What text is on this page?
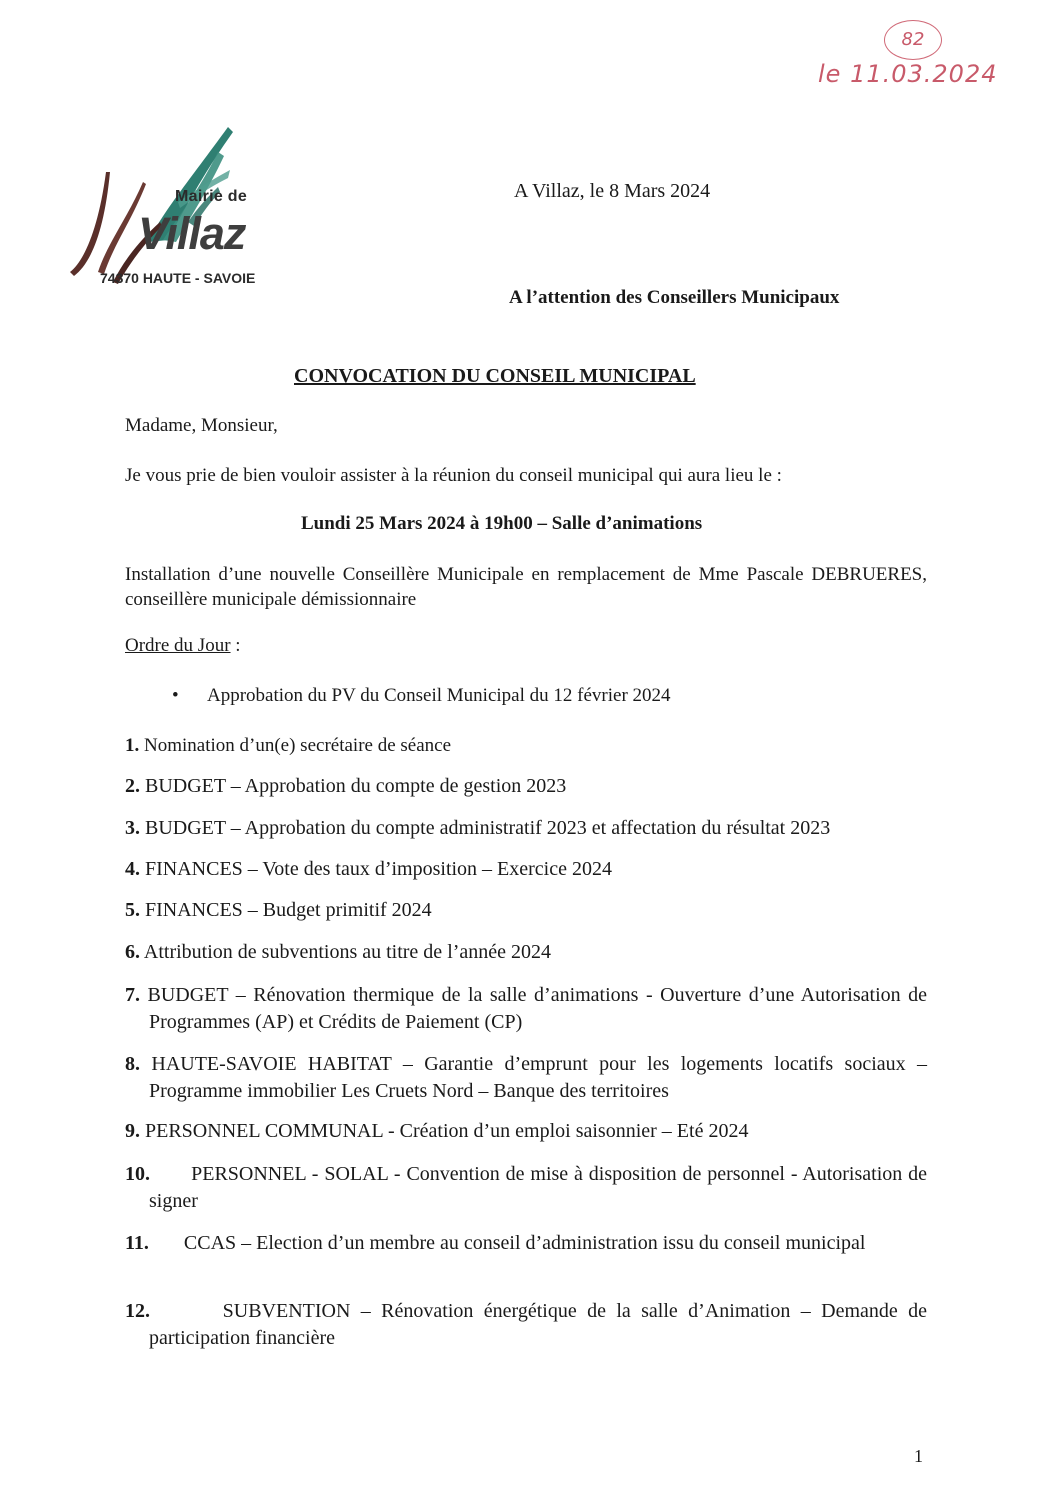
82
le 11.03.2024
Mairie de
Villaz
74370 HAUTE - SAVOIE
A Villaz, le 8 Mars 2024
A l’attention des Conseillers Municipaux
CONVOCATION DU CONSEIL MUNICIPAL
Madame, Monsieur,
Je vous prie de bien vouloir assister à la réunion du conseil municipal qui aura lieu le :
Lundi 25 Mars 2024 à 19h00 – Salle d’animations
Installation d’une nouvelle Conseillère Municipale en remplacement de Mme Pascale DEBRUERES, conseillère municipale démissionnaire
Ordre du Jour :
• Approbation du PV du Conseil Municipal du 12 février 2024
1. Nomination d’un(e) secrétaire de séance
2. BUDGET – Approbation du compte de gestion 2023
3. BUDGET – Approbation du compte administratif 2023 et affectation du résultat 2023
4. FINANCES – Vote des taux d’imposition – Exercice 2024
5. FINANCES – Budget primitif 2024
6. Attribution de subventions au titre de l’année 2024
7. BUDGET – Rénovation thermique de la salle d’animations - Ouverture d’une Autorisation de Programmes (AP) et Crédits de Paiement (CP)
8. HAUTE-SAVOIE HABITAT – Garantie d’emprunt pour les logements locatifs sociaux – Programme immobilier Les Cruets Nord – Banque des territoires
9. PERSONNEL COMMUNAL - Création d’un emploi saisonnier – Eté 2024
10. PERSONNEL - SOLAL - Convention de mise à disposition de personnel - Autorisation de signer
11. CCAS – Election d’un membre au conseil d’administration issu du conseil municipal
12.	SUBVENTION – Rénovation énergétique de la salle d’Animation – Demande de participation financière
1
